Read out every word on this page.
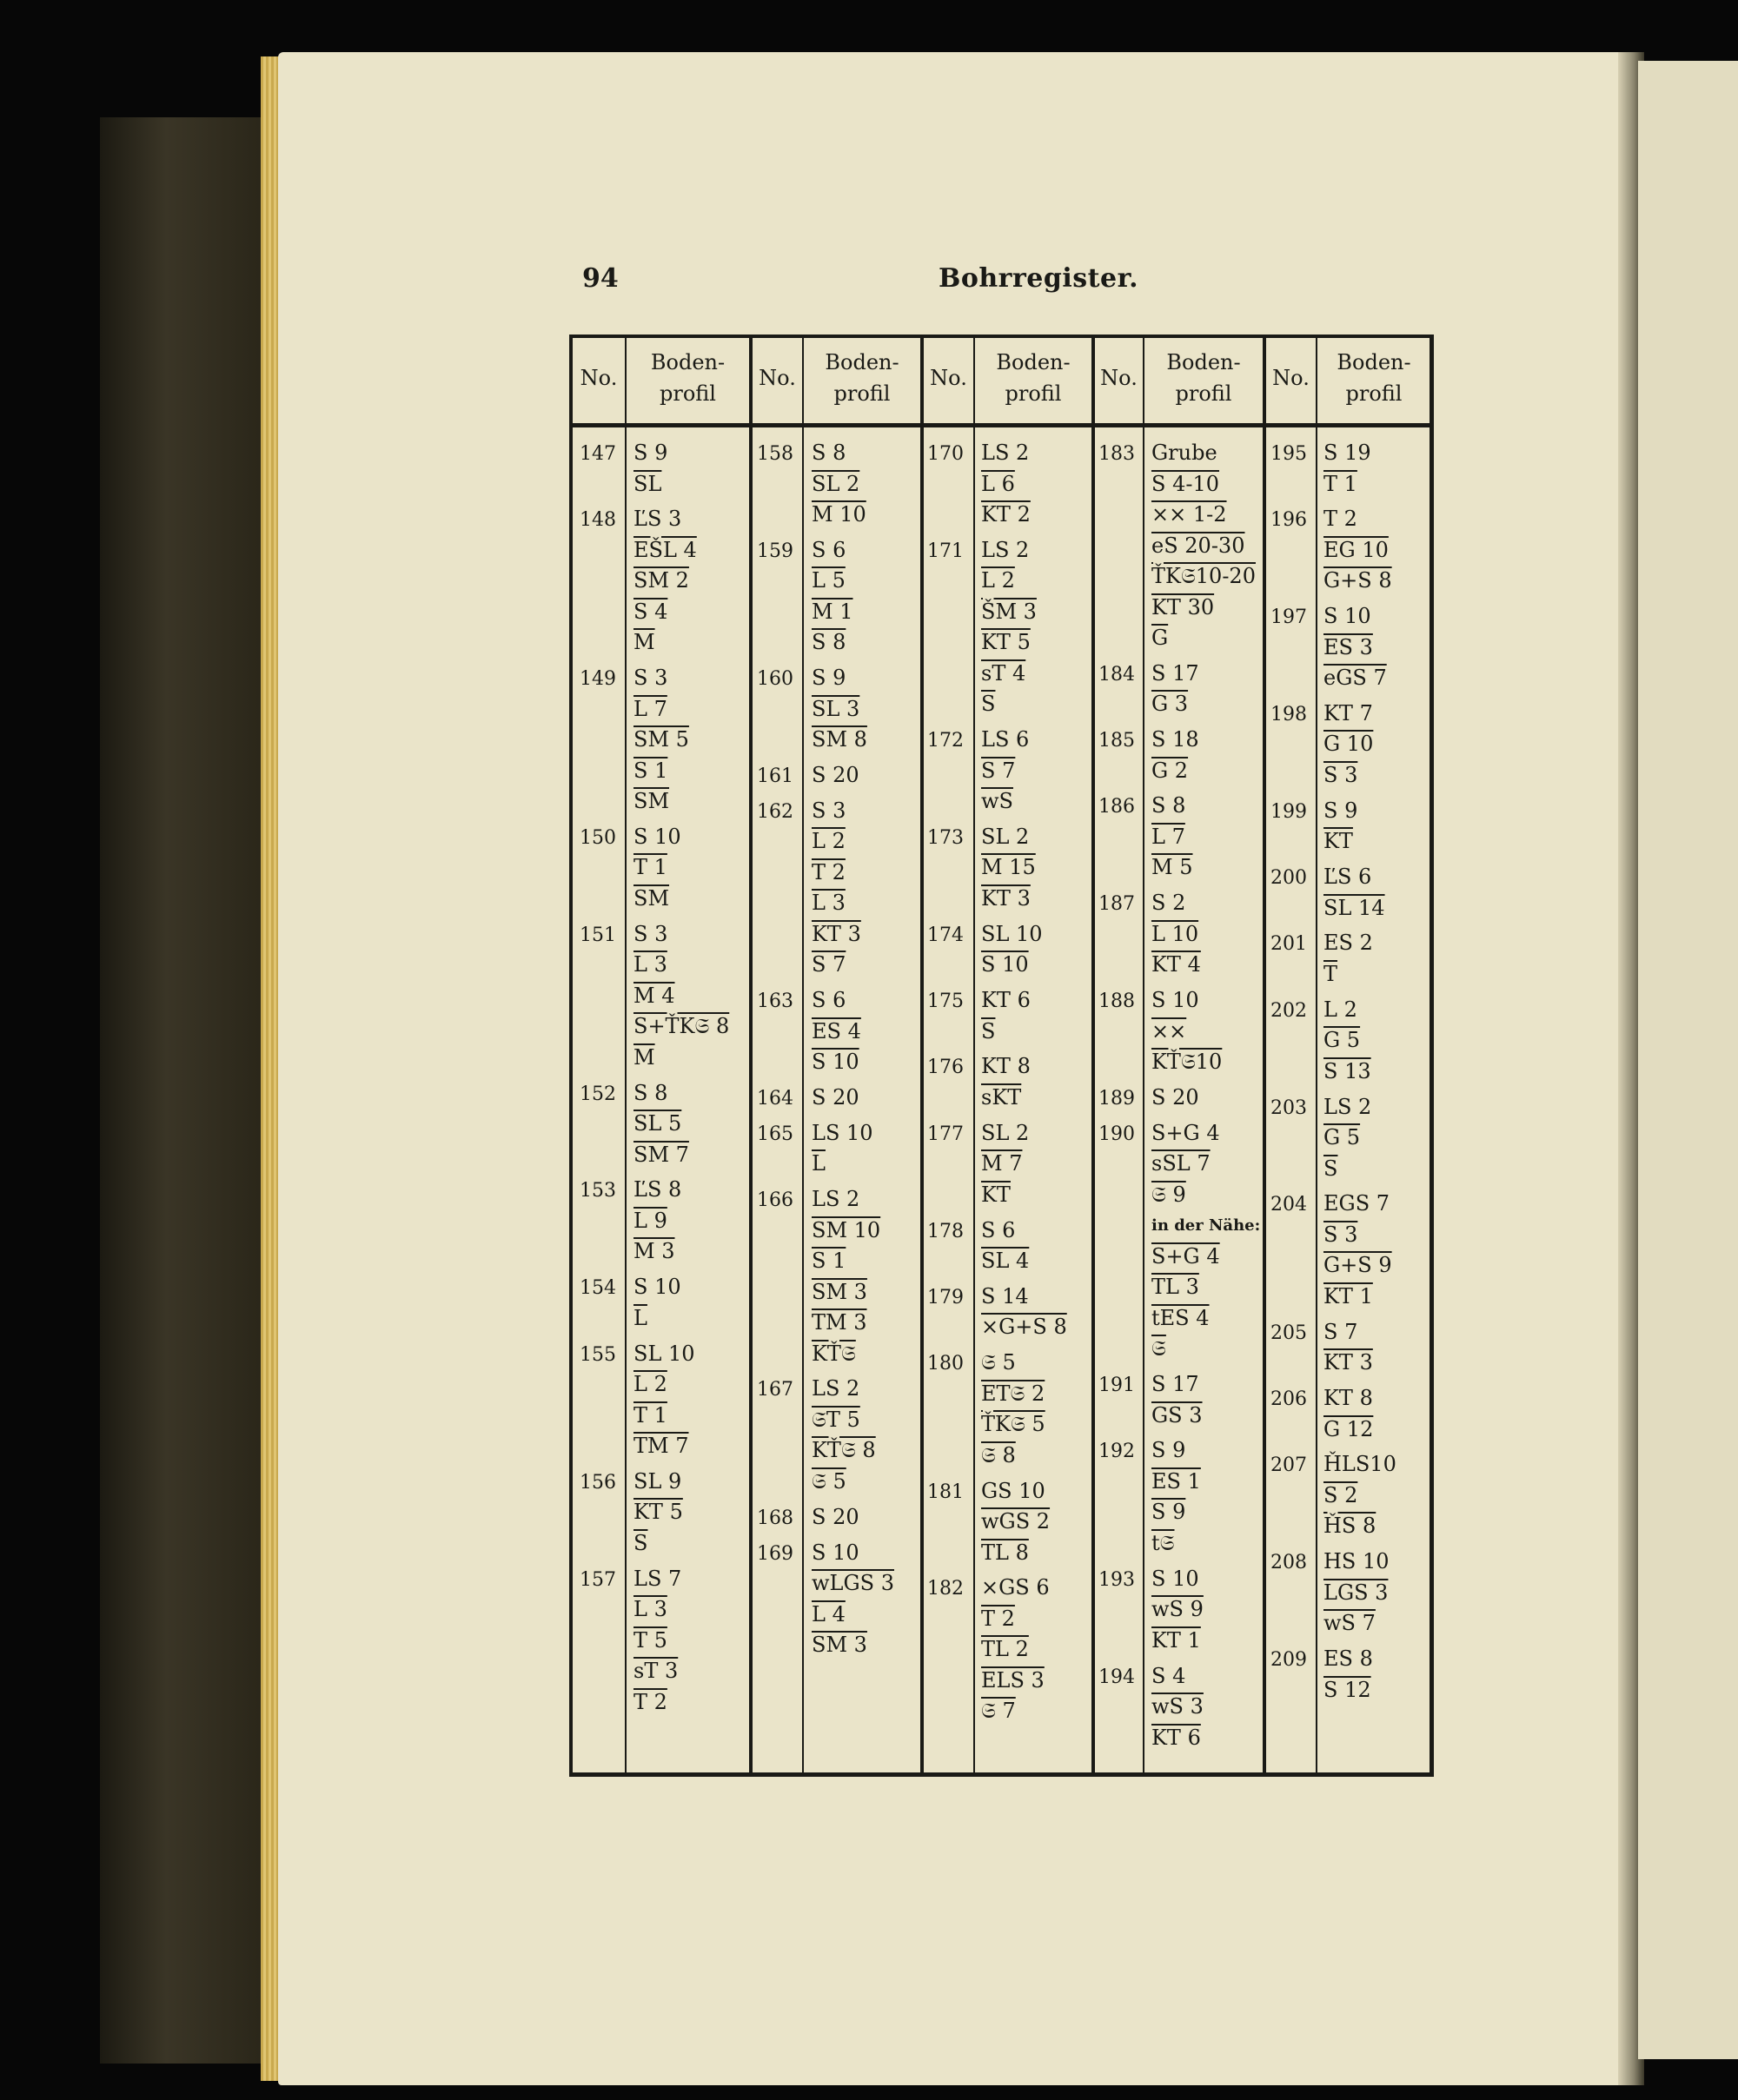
94	Bohrregister.
No.
Boden-
profil
No.
Boden-
profil
No.
Boden-
profil
No.
Boden-
profil
No.
Boden-
profil
147 S 9
$\overline{SL}$
148 ĽS 3
EŠL 4
SM 2
S 4
$\overline{M}$
149 S 3
L 7
SM 5
S 1
$\overline{SM}$
150 S 10
T 1
$\overline{SM}$
151 S 3
L 3
M 4
S+ŤK𝔖 8
$\overline{M}$
152 S 8
SL 5
SM 7
153 ĽS 8
L 9
M 3
154 S 10
$\overline{L}$
155 SL 10
L 2
T 1
TM 7
156 SL 9
KT 5
$\overline{S}$
157 LS 7
L 3
T 5
sT 3
T 2
158 S 8
SL 2
M 10
159 S 6
L 5
M 1
S 8
160 S 9
SL 3
SM 8
161 S 20
162 S 3
L 2
T 2
L 3
KT 3
S 7
163 S 6
ES 4
S 10
164 S 20
165 LS 10
$\overline{L}$
166 LS 2
SM 10
S 1
SM 3
TM 3
KŤ𝔖
167 LS 2
𝔖T 5
KŤ𝔖 8
𝔖 5
168 S 20
169 S 10
wLGS 3
L 4
SM 3
170 LS 2
L 6
KT 2
171 LS 2
L 2
ŠM 3
KT 5
sT 4
$\overline{S}$
172 LS 6
S 7
$\overline{wS}$
173 SL 2
M 15
KT 3
174 SL 10
S 10
175 KT 6
$\overline{S}$
176 KT 8
$\overline{sKT}$
177 SL 2
M 7
$\overline{KT}$
178 S 6
SL 4
179 S 14
×G+S 8
180 𝔖 5
ET𝔖 2
ŤK𝔖 5
𝔖 8
181 GS 10
wGS 2
TL 8
182 ×GS 6
T 2
TL 2
ELS 3
𝔖 7
183 Grube
S 4-10
×× 1-2
eS 20-30
ŤK𝔖10-20
KT 30
$\overline{G}$
184 S 17
G 3
185 S 18
G 2
186 S 8
L 7
M 5
187 S 2
L 10
KT 4
188 S 10
××
KŤ𝔖10
189 S 20
190 S+G 4
sSL 7
𝔖 9
in der Nähe:
S+G 4
TL 3
tES 4
𝔖
191 S 17
GS 3
192 S 9
ES 1
S 9
t𝔖
193 S 10
wS 9
KT 1
194 S 4
wS 3
KT 6
195 S 19
T 1
196 T 2
EG 10
G+S 8
197 S 10
ES 3
eGS 7
198 KT 7
G 10
S 3
199 S 9
$\overline{KT}$
200 ĽS 6
SL 14
201 ES 2
$\overline{T}$
202 L 2
G 5
S 13
203 LS 2
G 5
$\overline{S}$
204 EGS 7
S 3
G+S 9
KT 1
205 S 7
KT 3
206 KT 8
G 12
207 ȞLS10
S 2
ȞS 8
208 HS 10
LGS 3
wS 7
209 ES 8
S 12
